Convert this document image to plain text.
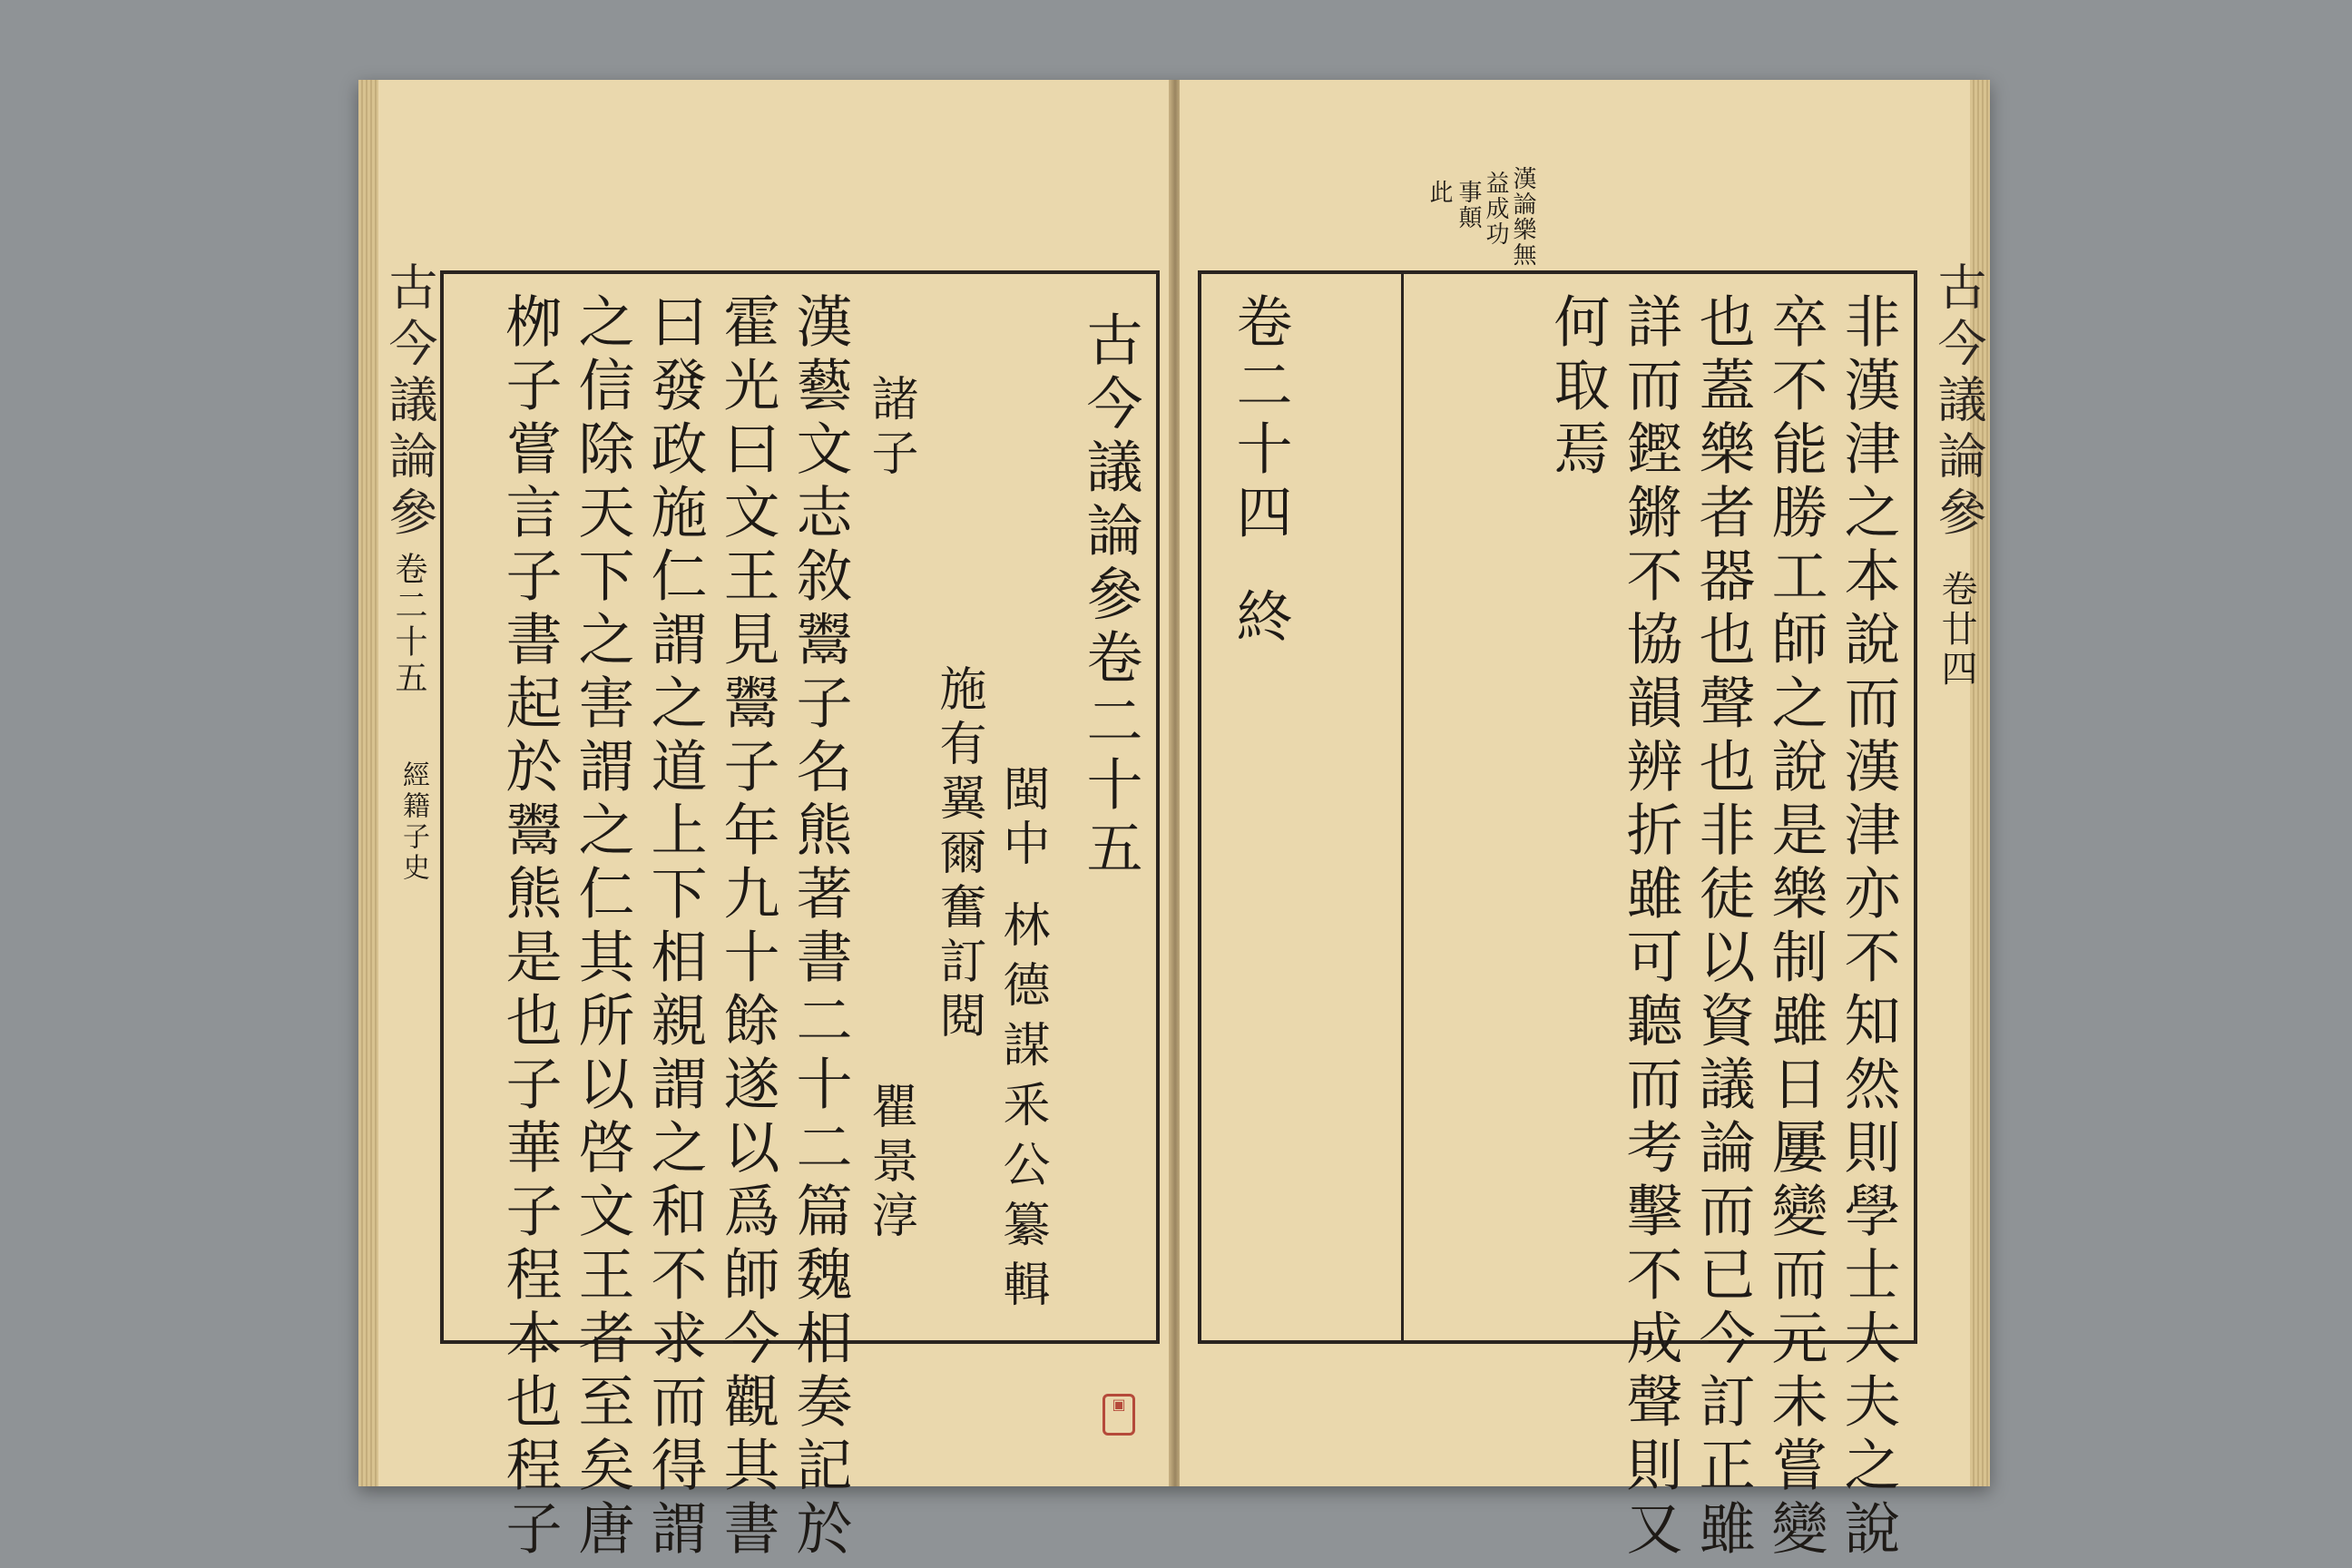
古今議論參
卷二十五
經籍子史	漢藝文志敘鬻子名熊著書二十二篇魏相奏記於
霍光曰文王見鬻子年九十餘遂以爲師今觀其書
曰發政施仁謂之道上下相親謂之和不求而得謂
之信除天下之害謂之仁其所以啓文王者至矣唐
栁子嘗言子書起於鬻熊是也子華子程本也程子	諸子
瞿景淳
施有翼爾奮訂閱
林德謀釆公纂輯
閩中 古今議論參卷二十五
▣
此 事顛 益成功 漢論樂無
古今議論參
卷廿四
非漢津之本說而漢津亦不知然則學士大夫之說
卒不能勝工師之說是樂制雖日屢變而元未嘗變
也蓋樂者器也聲也非徒以資議論而已今訂正雖
詳而鏗鏘不協韻辨折雖可聽而考擊不成聲則又
何取焉
卷二十四
終
